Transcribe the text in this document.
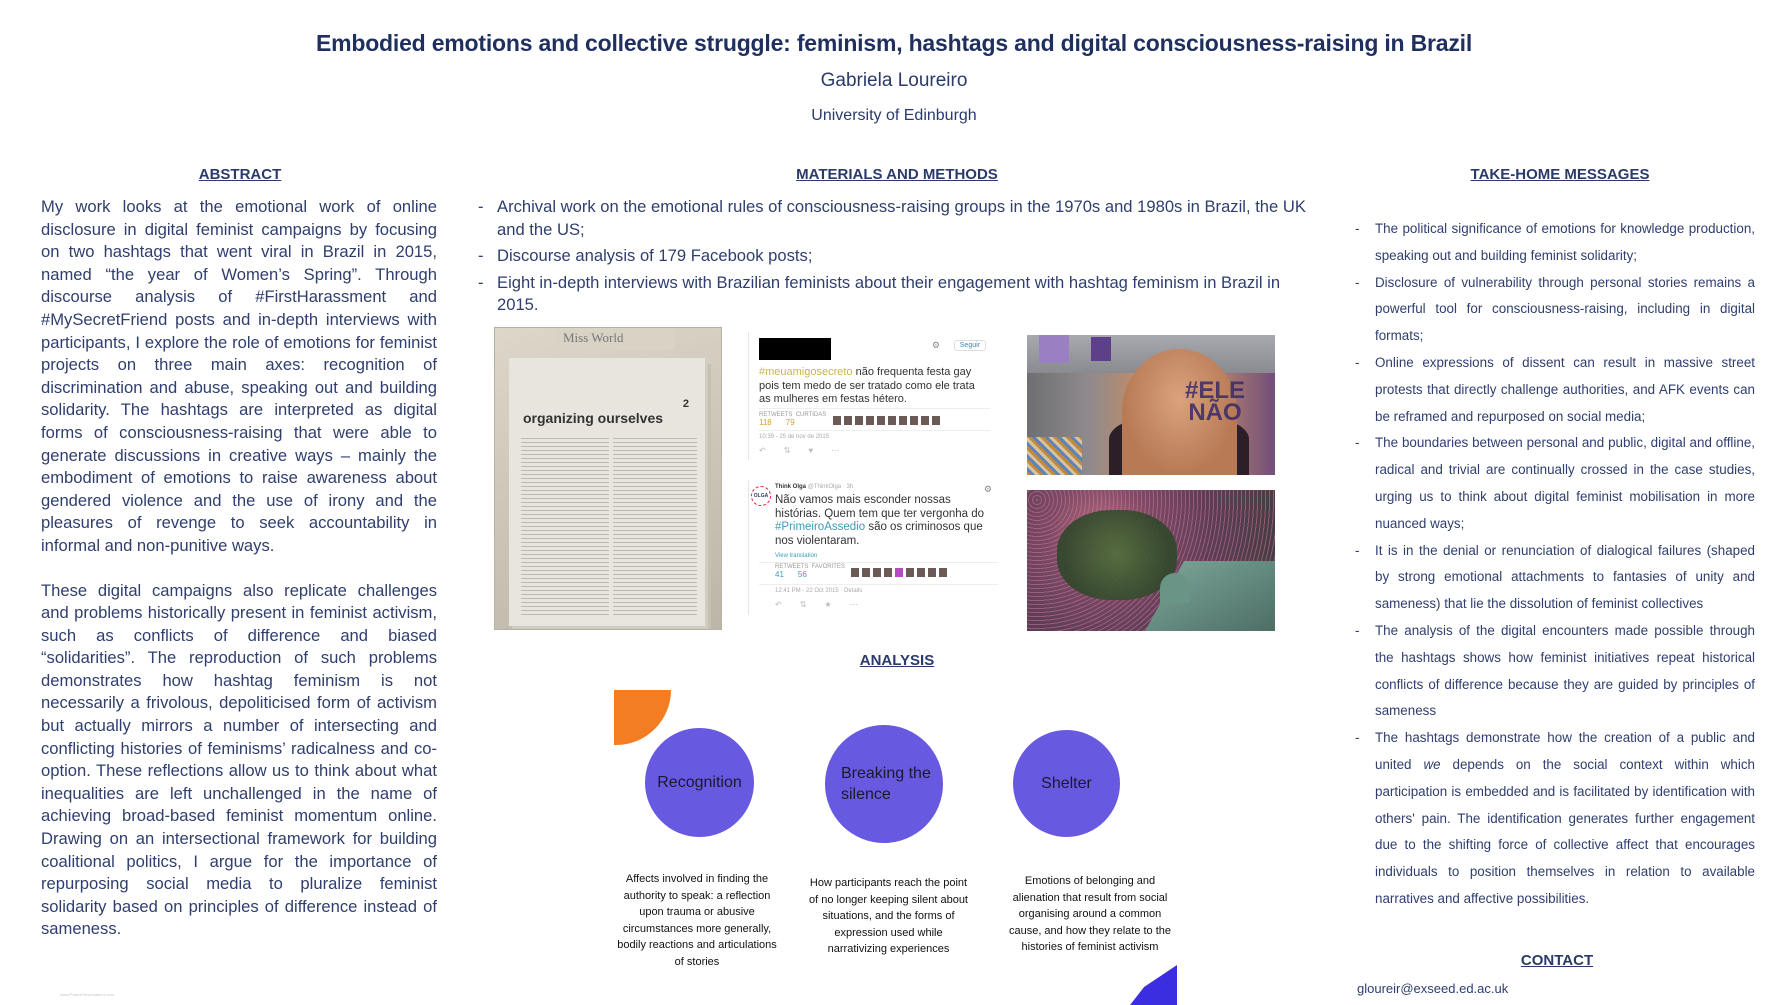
Embodied emotions and collective struggle: feminism, hashtags and digital consciousness-raising in Brazil
Gabriela Loureiro
University of Edinburgh
ABSTRACT

My work looks at the emotional work of online disclosure in digital feminist campaigns by focusing on two hashtags that went viral in Brazil in 2015, named “the year of Women’s Spring”. Through discourse analysis of #FirstHarassment and #MySecretFriend posts and in-depth interviews with participants, I explore the role of emotions for feminist projects on three main axes: recognition of discrimination and abuse, speaking out and building solidarity. The hashtags are interpreted as digital forms of consciousness-raising that were able to generate discussions in creative ways – mainly the embodiment of emotions to raise awareness about gendered violence and the use of irony and the pleasures of revenge to seek accountability in informal and non-punitive ways.

These digital campaigns also replicate challenges and problems historically present in feminist activism, such as conflicts of difference and biased “solidarities”. The reproduction of such problems demonstrates how hashtag feminism is not necessarily a frivolous, depoliticised form of activism but actually mirrors a number of intersecting and conflicting histories of feminisms’ radicalness and co-option. These reflections allow us to think about what inequalities are left unchallenged in the name of achieving broad-based feminist momentum online. Drawing on an intersectional framework for building coalitional politics, I argue for the importance of repurposing social media to pluralize feminist solidarity based on principles of difference instead of sameness.

MATERIALS AND METHODS
- Archival work on the emotional rules of consciousness-raising groups in the 1970s and 1980s in Brazil, the UK and the US;
- Discourse analysis of 179 Facebook posts;
- Eight in-depth interviews with Brazilian feminists about their engagement with hashtag feminism in Brazil in 2015.
Miss World
2
organizing ourselves
⚙	Seguir
#meuamigosecreto não frequenta festa gay pois tem medo de ser tratado como ele trata as mulheres em festas hétero.
RETWEETS CURTIDAS
118 79
10:39 - 25 de nov de 2015
↶⇅♥⋯
OLGA
Think Olga @ThinkOlga · 3h	⚙
Não vamos mais esconder nossas histórias. Quem tem que ter vergonha do #PrimeiroAssedio são os criminosos que nos violentaram.
View translation
RETWEETS FAVORITES
41 56
12:41 PM - 22 Oct 2015 · Details
↶⇅★⋯
#ELE NÃO
ANALYSIS
Recognition
Breaking the silence
Shelter
Affects involved in finding the authority to speak: a reflection upon trauma or abusive circumstances more generally, bodily reactions and articulations of stories
How participants reach the point of no longer keeping silent about situations, and the forms of expression used while narrativizing experiences
Emotions of belonging and alienation that result from social organising around a common cause, and how they relate to the histories of feminist activism
TAKE-HOME MESSAGES
- The political significance of emotions for knowledge production, speaking out and building feminist solidarity;
- Disclosure of vulnerability through personal stories remains a powerful tool for consciousness-raising, including in digital formats;
- Online expressions of dissent can result in massive street protests that directly challenge authorities, and AFK events can be reframed and repurposed on social media;
- The boundaries between personal and public, digital and offline, radical and trivial are continually crossed in the case studies, urging us to think about digital feminist mobilisation in more nuanced ways;
- It is in the denial or renunciation of dialogical failures (shaped by strong emotional attachments to fantasies of unity and sameness) that lie the dissolution of feminist collectives
- The analysis of the digital encounters made possible through the hashtags shows how feminist initiatives repeat historical conflicts of difference because they are guided by principles of sameness
- The hashtags demonstrate how the creation of a public and united we depends on the social context within which participation is embedded and is facilitated by identification with others' pain. The identification generates further engagement due to the shifting force of collective affect that encourages individuals to position themselves in relation to available narratives and affective possibilities.
CONTACT
gloureir@exseed.ed.ac.uk
www.PosterPresentations.com
